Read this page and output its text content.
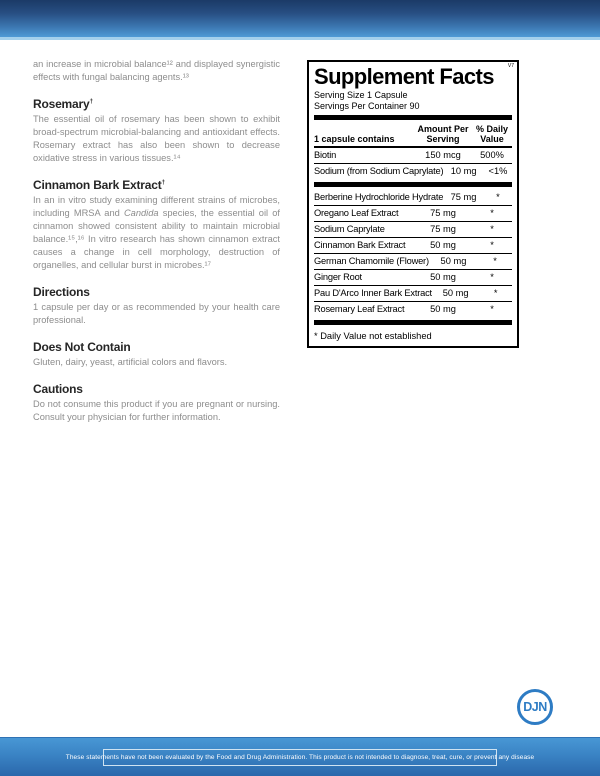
an increase in microbial balance¹² and displayed synergistic effects with fungal balancing agents.¹³

Rosemary†

The essential oil of rosemary has been shown to exhibit broad-spectrum microbial-balancing and antioxidant effects. Rosemary extract has also been shown to decrease oxidative stress in various tissues.¹⁴

Cinnamon Bark Extract†

In an in vitro study examining different strains of microbes, including MRSA and Candida species, the essential oil of cinnamon showed consistent ability to maintain microbial balance.¹⁵,¹⁶ In vitro research has shown cinnamon extract causes a change in cell morphology, destruction of organelles, and cellular burst in microbes.¹⁷

Directions

1 capsule per day or as recommended by your health care professional.

Does Not Contain

Gluten, dairy, yeast, artificial colors and flavors.

Cautions

Do not consume this product if you are pregnant or nursing. Consult your physician for further information.

Supplement Facts	V7
Serving Size 1 Capsule
Servings Per Container 90
1 capsule contains
Amount Per Serving
% Daily Value
Biotin	150 mcg	500%
Sodium (from Sodium Caprylate) 10 mg	<1%
Berberine Hydrochloride Hydrate 75 mg	*
Oregano Leaf Extract	75 mg	*
Sodium Caprylate	75 mg	*
Cinnamon Bark Extract	50 mg	*
German Chamomile (Flower)	50 mg	*
Ginger Root	50 mg	*
Pau D'Arco Inner Bark Extract	50 mg	*
Rosemary Leaf Extract	50 mg	*
* Daily Value not established
DJN
These statements have not been evaluated by the Food and Drug Administration. This product is not intended to diagnose, treat, cure, or prevent any disease
